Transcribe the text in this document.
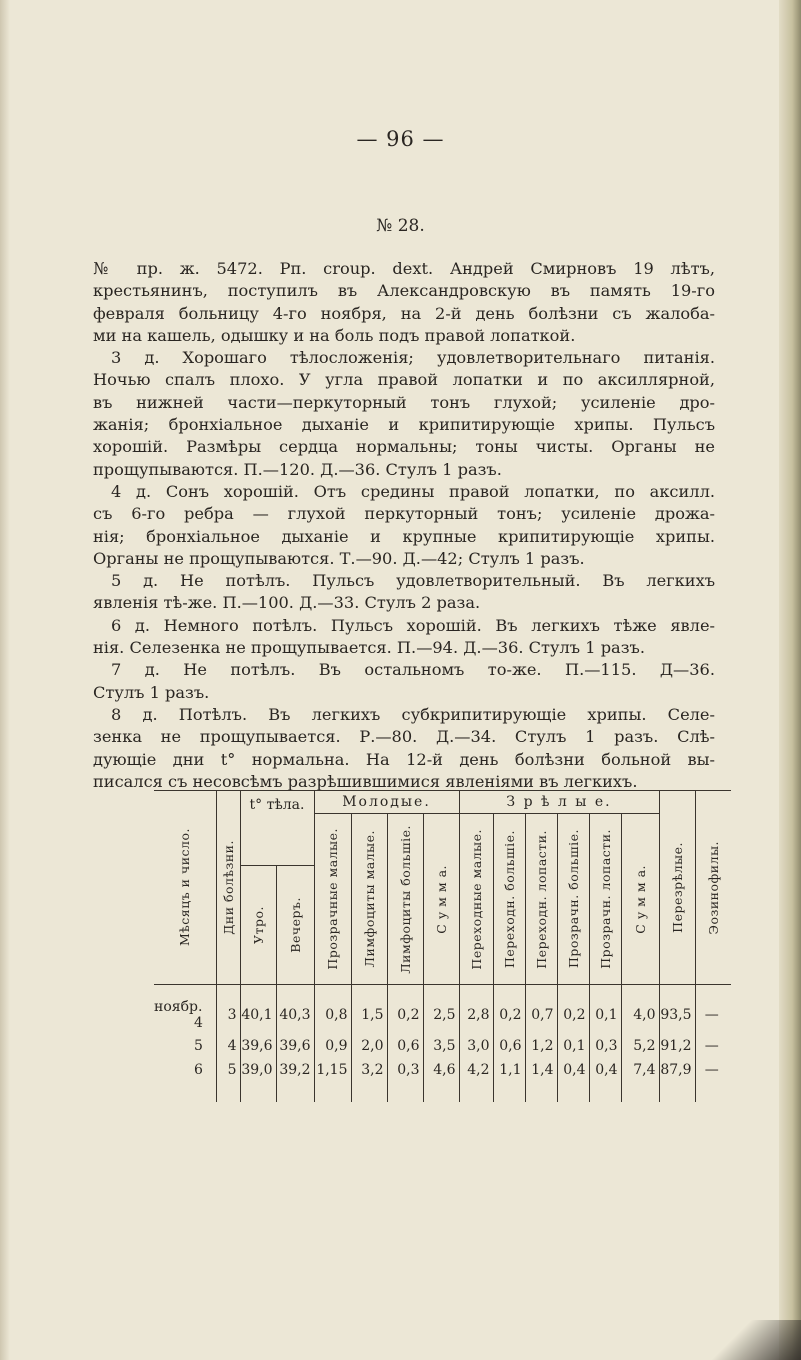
— 96 —
№ 28.

№ пр. ж. 5472. Рп. croup. dext. Андрей Смирновъ 19 лѣтъ,

крестьянинъ, поступилъ въ Александровскую въ память 19-го

февраля больницу 4-го ноября, на 2-й день болѣзни съ жалоба-

ми на кашель, одышку и на боль подъ правой лопаткой.

3 д. Хорошаго тѣлосложенія; удовлетворительнаго питанія.

Ночью спалъ плохо. У угла правой лопатки и по аксиллярной,

въ нижней части—перкуторный тонъ глухой; усиленіе дро-

жанія; бронхіальное дыханіе и крипитирующіе хрипы. Пульсъ

хорошій. Размѣры сердца нормальны; тоны чисты. Органы не

прощупываются. П.—120. Д.—36. Стулъ 1 разъ.

4 д. Сонъ хорошій. Отъ средины правой лопатки, по аксилл.

съ 6-го ребра — глухой перкуторный тонъ; усиленіе дрожа-

нія; бронхіальное дыханіе и крупные крипитирующіе хрипы.

Органы не прощупываются. Т.—90. Д.—42; Стулъ 1 разъ.

5 д. Не потѣлъ. Пульсъ удовлетворительный. Въ легкихъ

явленія тѣ-же. П.—100. Д.—33. Стулъ 2 раза.

6 д. Немного потѣлъ. Пульсъ хорошій. Въ легкихъ тѣже явле-

нія. Селезенка не прощупывается. П.—94. Д.—36. Стулъ 1 разъ.

7 д. Не потѣлъ. Въ остальномъ то-же. П.—115. Д—36.

Стулъ 1 разъ.

8 д. Потѣлъ. Въ легкихъ субкрипитирующіе хрипы. Селе-

зенка не прощупывается. Р.—80. Д.—34. Стулъ 1 разъ. Слѣ-

дующіе дни t° нормальна. На 12-й день болѣзни больной вы-

писался съ несовсѣмъ разрѣшившимися явленіями въ легкихъ.

Мѣсяцъ и число.	Дни болѣзни.	t° тѣла.		Молодые.				З р ѣ л ы е.						Перезрѣлые.	Эозинофилы.

				Прозрачные малые.	Лимфоциты малые.	Лимфоциты большіе.	С у м м а.	Переходные малые.	Переходн. большіе.	Переходн. лопасти.	Прозрачн. большіе.	Прозрачн. лопасти.	С у м м а.		

		Утро.	Вечеръ.												

ноябр.
4	3	40,1	40,3	0,8	1,5	0,2	2,5	2,8	0,2	0,7	0,2	0,1	4,0	93,5	—
5	4	39,6	39,6	0,9	2,0	0,6	3,5	3,0	0,6	1,2	0,1	0,3	5,2	91,2	—
6	5	39,0	39,2	1,15	3,2	0,3	4,6	4,2	1,1	1,4	0,4	0,4	7,4	87,9	—
